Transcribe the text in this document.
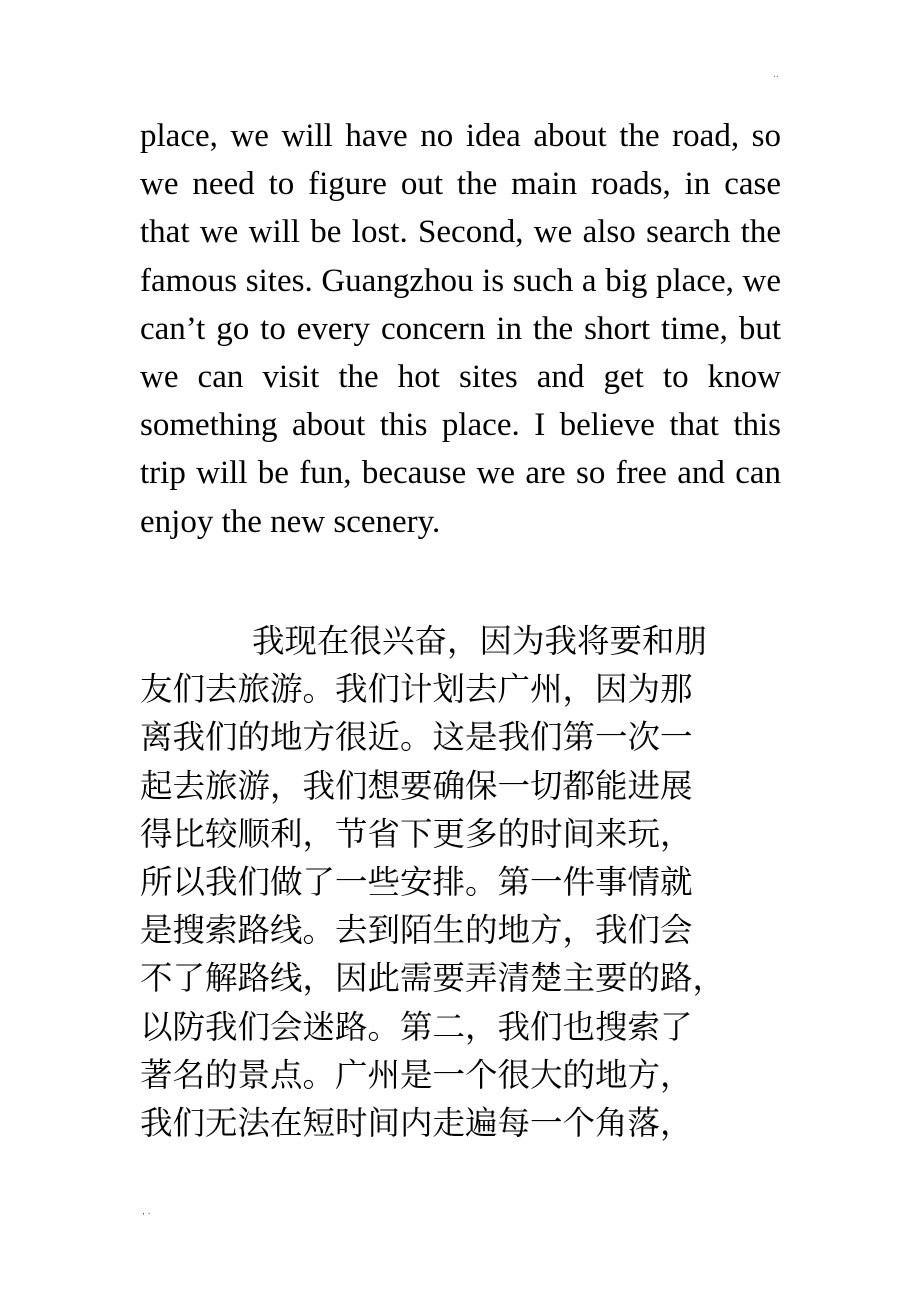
..

place, we will have no idea about the road, so we need to figure out the main roads, in case that we will be lost. Second, we also search the famous sites. Guangzhou is such a big place, we can’t go to every concern in the short time, but we can visit the hot sites and get to know something about this place. I believe that this trip will be fun, because we are so free and can enjoy the new scenery.

我现在很兴奋，因为我将要和朋
友们去旅游。我们计划去广州，因为那
离我们的地方很近。这是我们第一次一
起去旅游，我们想要确保一切都能进展
得比较顺利，节省下更多的时间来玩，
所以我们做了一些安排。第一件事情就
是搜索路线。去到陌生的地方，我们会
不了解路线，因此需要弄清楚主要的路，
以防我们会迷路。第二，我们也搜索了
著名的景点。广州是一个很大的地方，
我们无法在短时间内走遍每一个角落，
, .
